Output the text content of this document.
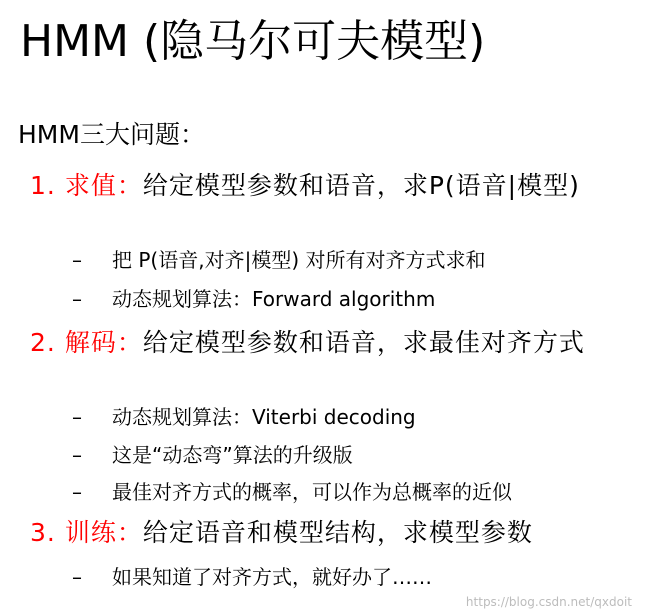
HMM (隐马尔可夫模型)
HMM三大问题：
1. 求值：给定模型参数和语音，求P(语音|模型)
– 把 P(语音,对齐|模型) 对所有对齐方式求和
– 动态规划算法：Forward algorithm
2. 解码：给定模型参数和语音，求最佳对齐方式
– 动态规划算法：Viterbi decoding
– 这是“动态弯”算法的升级版
– 最佳对齐方式的概率，可以作为总概率的近似
3. 训练：给定语音和模型结构，求模型参数
– 如果知道了对齐方式，就好办了……
https://blog.csdn.net/qxdoit
